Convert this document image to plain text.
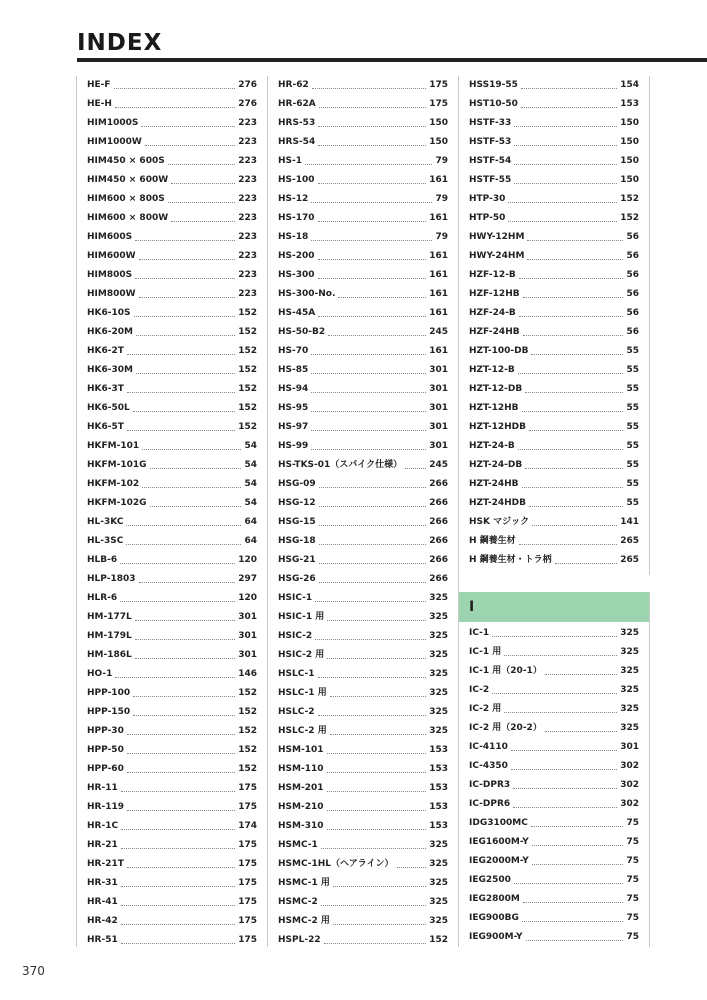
INDEX
HE-F	276
HE-H	276
HIM1000S	223
HIM1000W	223
HIM450 × 600S	223
HIM450 × 600W	223
HIM600 × 800S	223
HIM600 × 800W	223
HIM600S	223
HIM600W	223
HIM800S	223
HIM800W	223
HK6-10S	152
HK6-20M	152
HK6-2T	152
HK6-30M	152
HK6-3T	152
HK6-50L	152
HK6-5T	152
HKFM-101	54
HKFM-101G	54
HKFM-102	54
HKFM-102G	54
HL-3KC	64
HL-3SC	64
HLB-6	120
HLP-1803	297
HLR-6	120
HM-177L	301
HM-179L	301
HM-186L	301
HO-1	146
HPP-100	152
HPP-150	152
HPP-30	152
HPP-50	152
HPP-60	152
HR-11	175
HR-119	175
HR-1C	174
HR-21	175
HR-21T	175
HR-31	175
HR-41	175
HR-42	175
HR-51	175
HR-62	175
HR-62A	175
HRS-53	150
HRS-54	150
HS-1	79
HS-100	161
HS-12	79
HS-170	161
HS-18	79
HS-200	161
HS-300	161
HS-300-No.	161
HS-45A	161
HS-50-B2	245
HS-70	161
HS-85	301
HS-94	301
HS-95	301
HS-97	301
HS-99	301
HS-TKS-01（スパイク仕様）	245
HSG-09	266
HSG-12	266
HSG-15	266
HSG-18	266
HSG-21	266
HSG-26	266
HSIC-1	325
HSIC-1 用	325
HSIC-2	325
HSIC-2 用	325
HSLC-1	325
HSLC-1 用	325
HSLC-2	325
HSLC-2 用	325
HSM-101	153
HSM-110	153
HSM-201	153
HSM-210	153
HSM-310	153
HSMC-1	325
HSMC-1HL（ヘアライン）	325
HSMC-1 用	325
HSMC-2	325
HSMC-2 用	325
HSPL-22	152
HSS19-55	154
HST10-50	153
HSTF-33	150
HSTF-53	150
HSTF-54	150
HSTF-55	150
HTP-30	152
HTP-50	152
HWY-12HM	56
HWY-24HM	56
HZF-12-B	56
HZF-12HB	56
HZF-24-B	56
HZF-24HB	56
HZT-100-DB	55
HZT-12-B	55
HZT-12-DB	55
HZT-12HB	55
HZT-12HDB	55
HZT-24-B	55
HZT-24-DB	55
HZT-24HB	55
HZT-24HDB	55
HSK マジック	141
H 鋼養生材	265
H 鋼養生材・トラ柄	265
I
IC-1	325
IC-1 用	325
IC-1 用（20-1）	325
IC-2	325
IC-2 用	325
IC-2 用（20-2）	325
IC-4110	301
IC-4350	302
IC-DPR3	302
IC-DPR6	302
IDG3100MC	75
IEG1600M-Y	75
IEG2000M-Y	75
IEG2500	75
IEG2800M	75
IEG900BG	75
IEG900M-Y	75

370
